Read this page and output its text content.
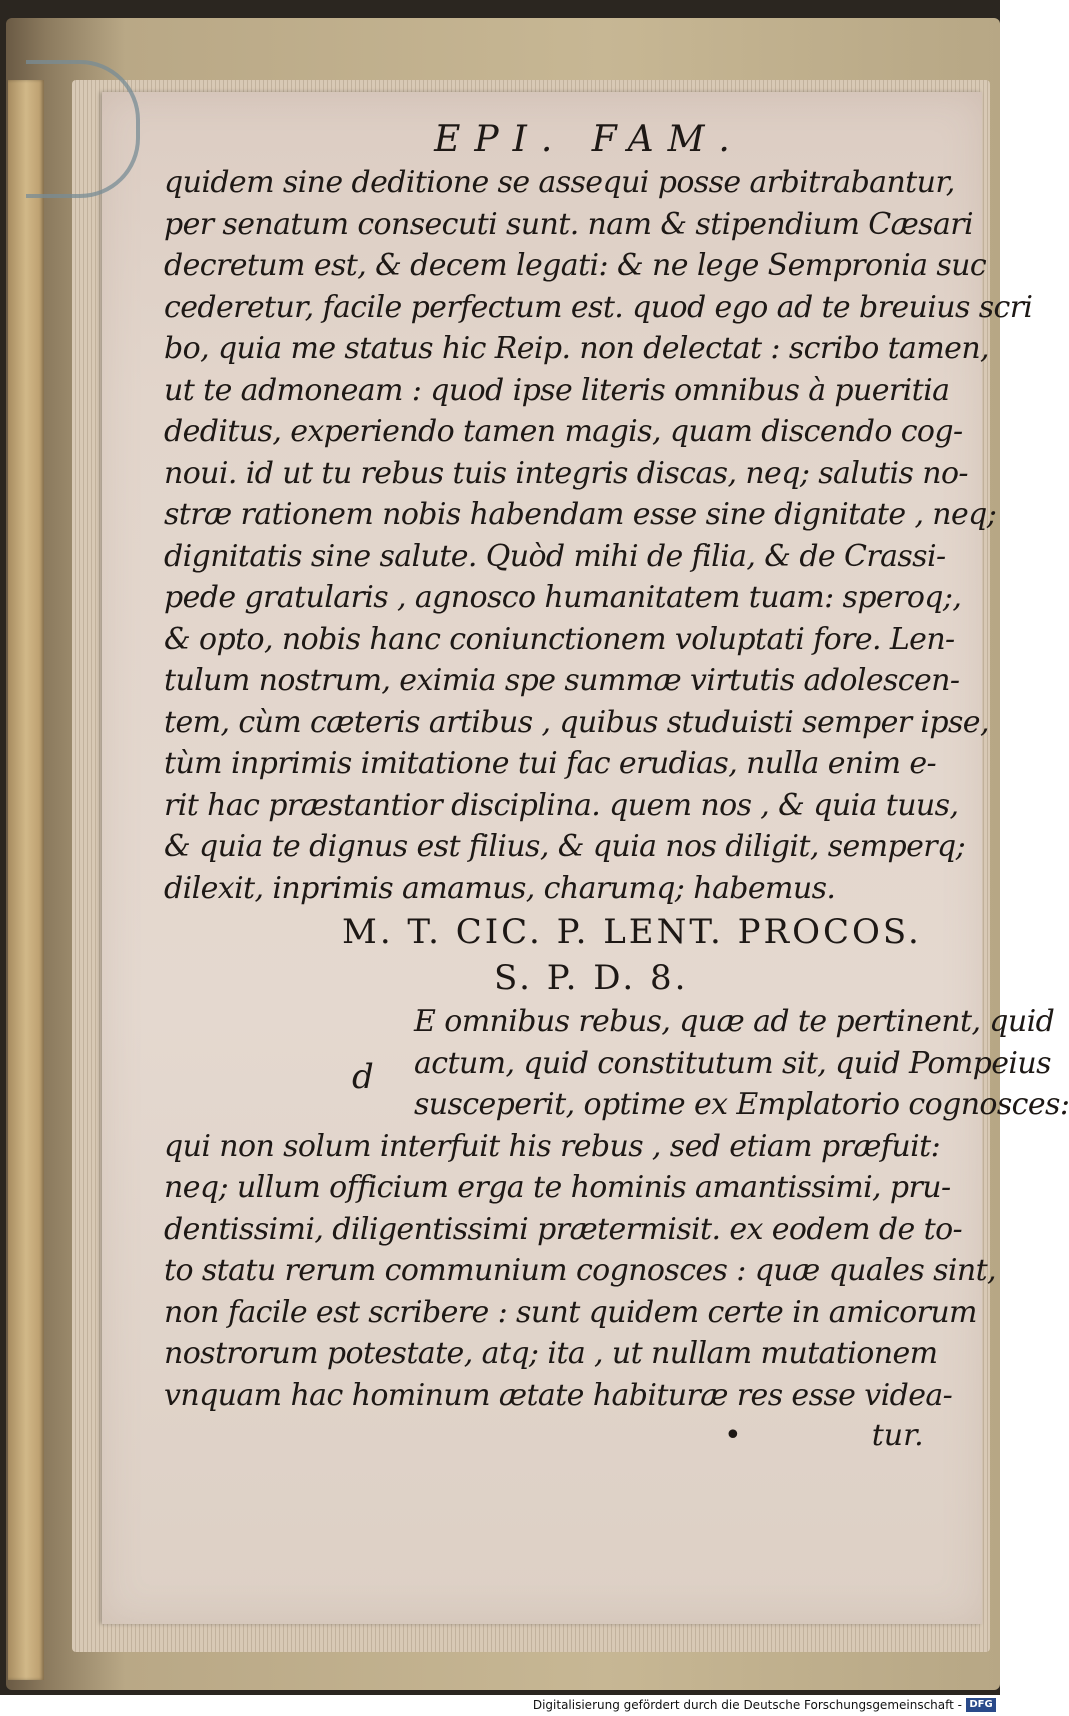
EPI. FAM.
quidem sine deditione se assequi posse arbitrabantur,
per senatum consecuti sunt. nam & stipendium Cæsari
decretum est, & decem legati: & ne lege Sempronia suc
cederetur, facile perfectum est. quod ego ad te breuius scri
bo, quia me status hic Reip. non delectat : scribo tamen,
ut te admoneam : quod ipse literis omnibus à pueritia
deditus, experiendo tamen magis, quam discendo cog-
noui. id ut tu rebus tuis integris discas, neq; salutis no-
stræ rationem nobis habendam esse sine dignitate , neq;
dignitatis sine salute. Quòd mihi de filia, & de Crassi-
pede gratularis , agnosco humanitatem tuam: speroq;,
& opto, nobis hanc coniunctionem voluptati fore. Len-
tulum nostrum, eximia spe summæ virtutis adolescen-
tem, cùm cæteris artibus , quibus studuisti semper ipse,
tùm inprimis imitatione tui fac erudias, nulla enim e-
rit hac præstantior disciplina. quem nos , & quia tuus,
& quia te dignus est filius, & quia nos diligit, semperq;
dilexit, inprimis amamus, charumq; habemus.
M. T. CIC. P. LENT. PROCOS.
S. P. D. 8.
d
E omnibus rebus, quæ ad te pertinent, quid
actum, quid constitutum sit, quid Pompeius
susceperit, optime ex Emplatorio cognosces:
qui non solum interfuit his rebus , sed etiam præfuit:
neq; ullum officium erga te hominis amantissimi, pru-
dentissimi, diligentissimi prætermisit. ex eodem de to-
to statu rerum communium cognosces : quæ quales sint,
non facile est scribere : sunt quidem certe in amicorum
nostrorum potestate, atq; ita , ut nullam mutationem
vnquam hac hominum ætate habituræ res esse videa-
•	tur.
Digitalisierung gefördert durch die Deutsche Forschungsgemeinschaft - DFG
